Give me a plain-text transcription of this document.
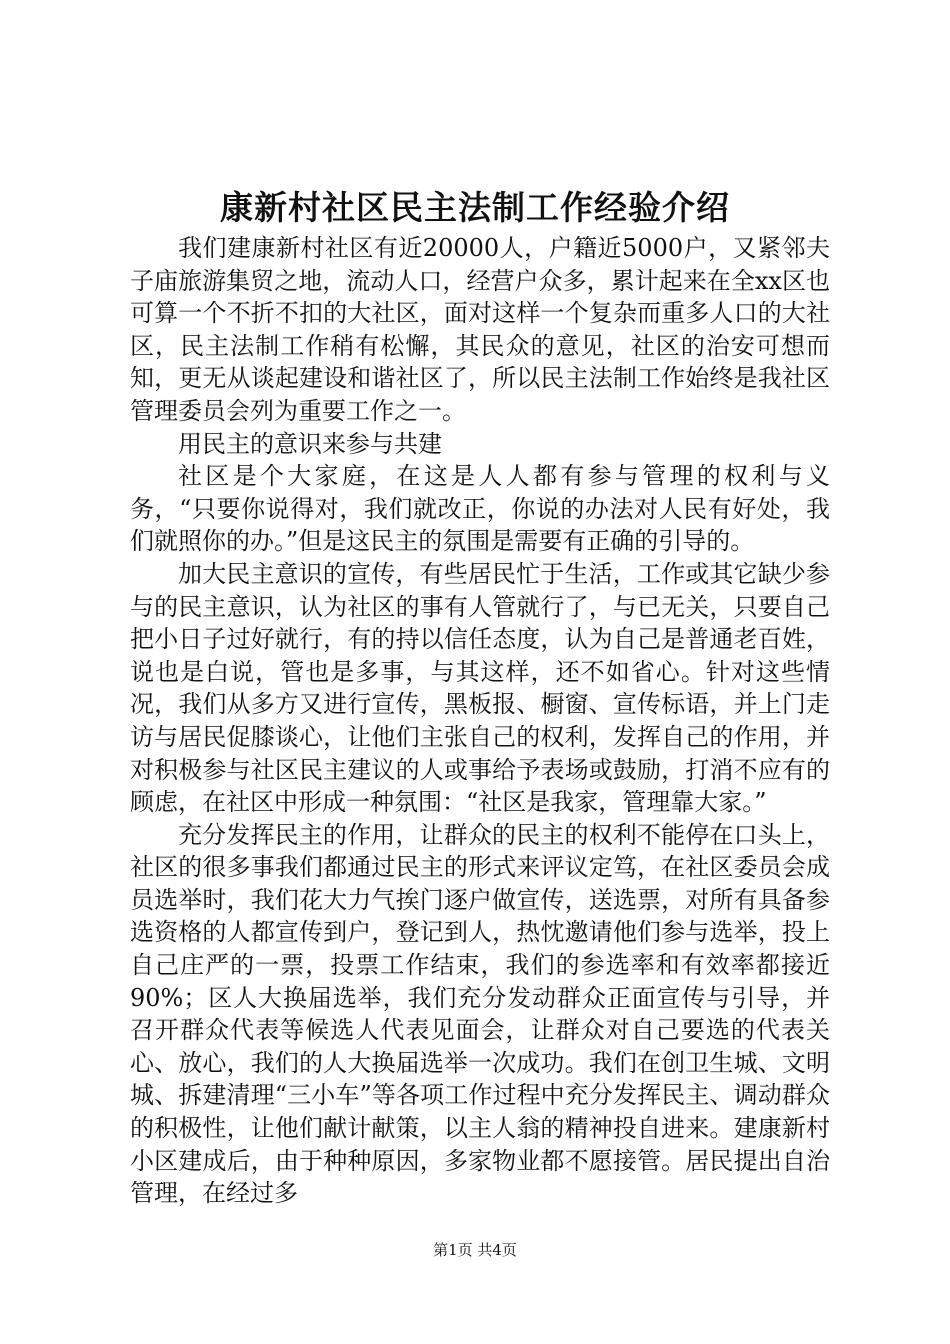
康新村社区民主法制工作经验介绍

我们建康新村社区有近20000人，户籍近5000户，又紧邻夫子庙旅游集贸之地，流动人口，经营户众多，累计起来在全xx区也可算一个不折不扣的大社区，面对这样一个复杂而重多人口的大社区，民主法制工作稍有松懈，其民众的意见，社区的治安可想而知，更无从谈起建设和谐社区了，所以民主法制工作始终是我社区管理委员会列为重要工作之一。

用民主的意识来参与共建

社区是个大家庭，在这是人人都有参与管理的权利与义务，“只要你说得对，我们就改正，你说的办法对人民有好处，我们就照你的办。”但是这民主的氛围是需要有正确的引导的。

加大民主意识的宣传，有些居民忙于生活，工作或其它缺少参与的民主意识，认为社区的事有人管就行了，与已无关，只要自己把小日子过好就行，有的持以信任态度，认为自己是普通老百姓，说也是白说，管也是多事，与其这样，还不如省心。针对这些情况，我们从多方又进行宣传，黑板报、橱窗、宣传标语，并上门走访与居民促膝谈心，让他们主张自己的权利，发挥自己的作用，并对积极参与社区民主建议的人或事给予表场或鼓励，打消不应有的顾虑，在社区中形成一种氛围：“社区是我家，管理靠大家。”

充分发挥民主的作用，让群众的民主的权利不能停在口头上，社区的很多事我们都通过民主的形式来评议定笃，在社区委员会成员选举时，我们花大力气挨门逐户做宣传，送选票，对所有具备参选资格的人都宣传到户，登记到人，热忱邀请他们参与选举，投上自己庄严的一票，投票工作结束，我们的参选率和有效率都接近90%；区人大换届选举，我们充分发动群众正面宣传与引导，并召开群众代表等候选人代表见面会，让群众对自己要选的代表关心、放心，我们的人大换届选举一次成功。我们在创卫生城、文明城、拆建清理“三小车”等各项工作过程中充分发挥民主、调动群众的积极性，让他们献计献策，以主人翁的精神投自进来。建康新村小区建成后，由于种种原因，多家物业都不愿接管。居民提出自治管理，在经过多

第1页 共4页
